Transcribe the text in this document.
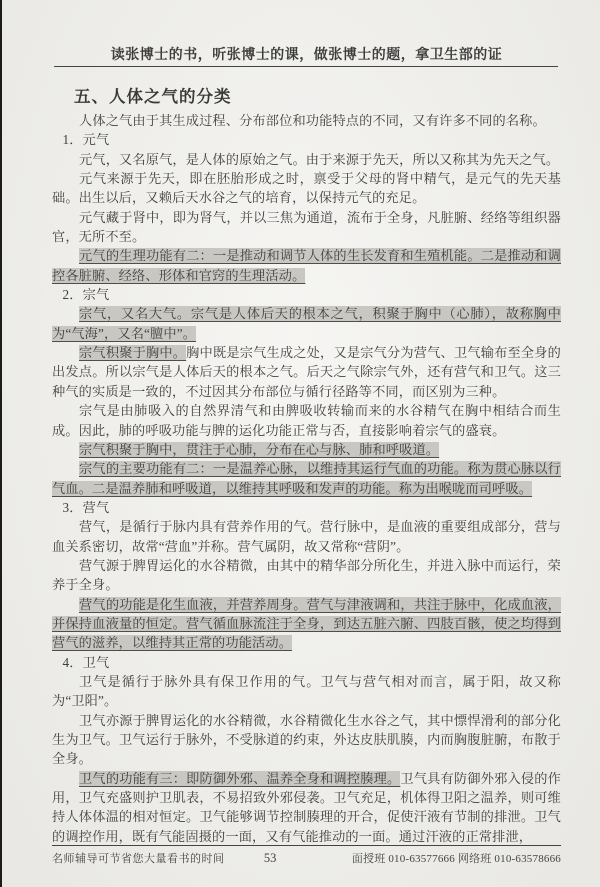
读张博士的书，听张博士的课，做张博士的题，拿卫生部的证
五、人体之气的分类

人体之气由于其生成过程、分布部位和功能特点的不同，又有许多不同的名称。

1．元气

元气，又名原气，是人体的原始之气。由于来源于先天，所以又称其为先天之气。

元气来源于先天，即在胚胎形成之时，禀受于父母的肾中精气，是元气的先天基础。出生以后，又赖后天水谷之气的培育，以保持元气的充足。

元气藏于肾中，即为肾气，并以三焦为通道，流布于全身，凡脏腑、经络等组织器官，无所不至。

元气的生理功能有二：一是推动和调节人体的生长发育和生殖机能。二是推动和调控各脏腑、经络、形体和官窍的生理活动。

2．宗气

宗气，又名大气。宗气是人体后天的根本之气，积聚于胸中（心肺），故称胸中为“气海”，又名“膻中”。

宗气积聚于胸中。胸中既是宗气生成之处，又是宗气分为营气、卫气输布至全身的出发点。所以宗气是人体后天的根本之气。后天之气除宗气外，还有营气和卫气。这三种气的实质是一致的，不过因其分布部位与循行径路等不同，而区别为三种。

宗气是由肺吸入的自然界清气和由脾吸收转输而来的水谷精气在胸中相结合而生成。因此，肺的呼吸功能与脾的运化功能正常与否，直接影响着宗气的盛衰。

宗气积聚于胸中，贯注于心肺，分布在心与脉、肺和呼吸道。

宗气的主要功能有二：一是温养心脉，以维持其运行气血的功能。称为贯心脉以行气血。二是温养肺和呼吸道，以维持其呼吸和发声的功能。称为出喉咙而司呼吸。

3．营气

营气，是循行于脉内具有营养作用的气。营行脉中，是血液的重要组成部分，营与血关系密切，故常“营血”并称。营气属阴，故又常称“营阴”。

营气源于脾胃运化的水谷精微，由其中的精华部分所化生，并进入脉中而运行，荣养于全身。

营气的功能是化生血液，并营养周身。营气与津液调和，共注于脉中，化成血液，并保持血液量的恒定。营气循血脉流注于全身，到达五脏六腑、四肢百骸，使之均得到营气的滋养，以维持其正常的功能活动。

4．卫气

卫气是循行于脉外具有保卫作用的气。卫气与营气相对而言，属于阳，故又称为“卫阳”。

卫气亦源于脾胃运化的水谷精微，水谷精微化生水谷之气，其中慓悍滑利的部分化生为卫气。卫气运行于脉外，不受脉道的约束，外达皮肤肌腠，内而胸腹脏腑，布散于全身。

卫气的功能有三：即防御外邪、温养全身和调控腠理。卫气具有防御外邪入侵的作用，卫气充盛则护卫肌表，不易招致外邪侵袭。卫气充足，机体得卫阳之温养，则可维持人体体温的相对恒定。卫气能够调节控制腠理的开合，促使汗液有节制的排泄。卫气的调控作用，既有气能固摄的一面，又有气能推动的一面。通过汗液的正常排泄，

名师辅导可节省您大量看书的时间	53	面授班 010-63577666 网络班 010-63578666
